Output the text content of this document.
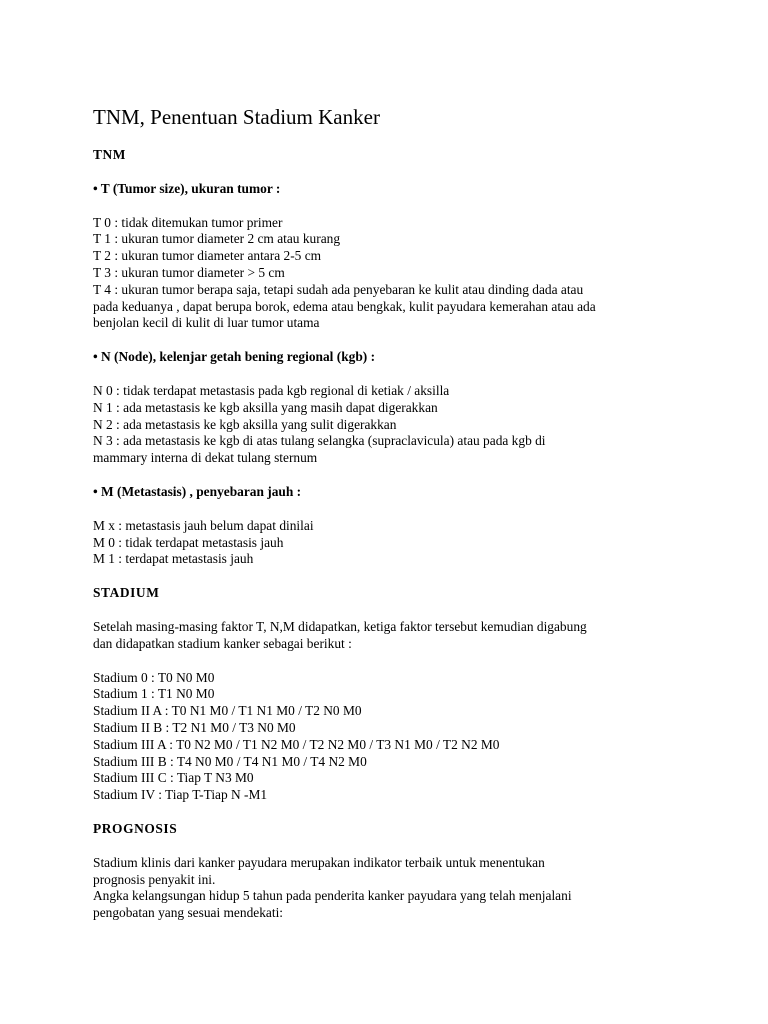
TNM, Penentuan Stadium Kanker
TNM
• T (Tumor size), ukuran tumor :
T 0 : tidak ditemukan tumor primer
T 1 : ukuran tumor diameter 2 cm atau kurang
T 2 : ukuran tumor diameter antara 2-5 cm
T 3 : ukuran tumor diameter > 5 cm
T 4 : ukuran tumor berapa saja, tetapi sudah ada penyebaran ke kulit atau dinding dada atau
pada keduanya , dapat berupa borok, edema atau bengkak, kulit payudara kemerahan atau ada
benjolan kecil di kulit di luar tumor utama
• N (Node), kelenjar getah bening regional (kgb) :
N 0 : tidak terdapat metastasis pada kgb regional di ketiak / aksilla
N 1 : ada metastasis ke kgb aksilla yang masih dapat digerakkan
N 2 : ada metastasis ke kgb aksilla yang sulit digerakkan
N 3 : ada metastasis ke kgb di atas tulang selangka (supraclavicula) atau pada kgb di
mammary interna di dekat tulang sternum
• M (Metastasis) , penyebaran jauh :
M x : metastasis jauh belum dapat dinilai
M 0 : tidak terdapat metastasis jauh
M 1 : terdapat metastasis jauh
STADIUM
Setelah masing-masing faktor T, N,M didapatkan, ketiga faktor tersebut kemudian digabung
dan didapatkan stadium kanker sebagai berikut :
Stadium 0 : T0 N0 M0
Stadium 1 : T1 N0 M0
Stadium II A : T0 N1 M0 / T1 N1 M0 / T2 N0 M0
Stadium II B : T2 N1 M0 / T3 N0 M0
Stadium III A : T0 N2 M0 / T1 N2 M0 / T2 N2 M0 / T3 N1 M0 / T2 N2 M0
Stadium III B : T4 N0 M0 / T4 N1 M0 / T4 N2 M0
Stadium III C : Tiap T N3 M0
Stadium IV : Tiap T-Tiap N -M1
PROGNOSIS
Stadium klinis dari kanker payudara merupakan indikator terbaik untuk menentukan
prognosis penyakit ini.
Angka kelangsungan hidup 5 tahun pada penderita kanker payudara yang telah menjalani
pengobatan yang sesuai mendekati:
